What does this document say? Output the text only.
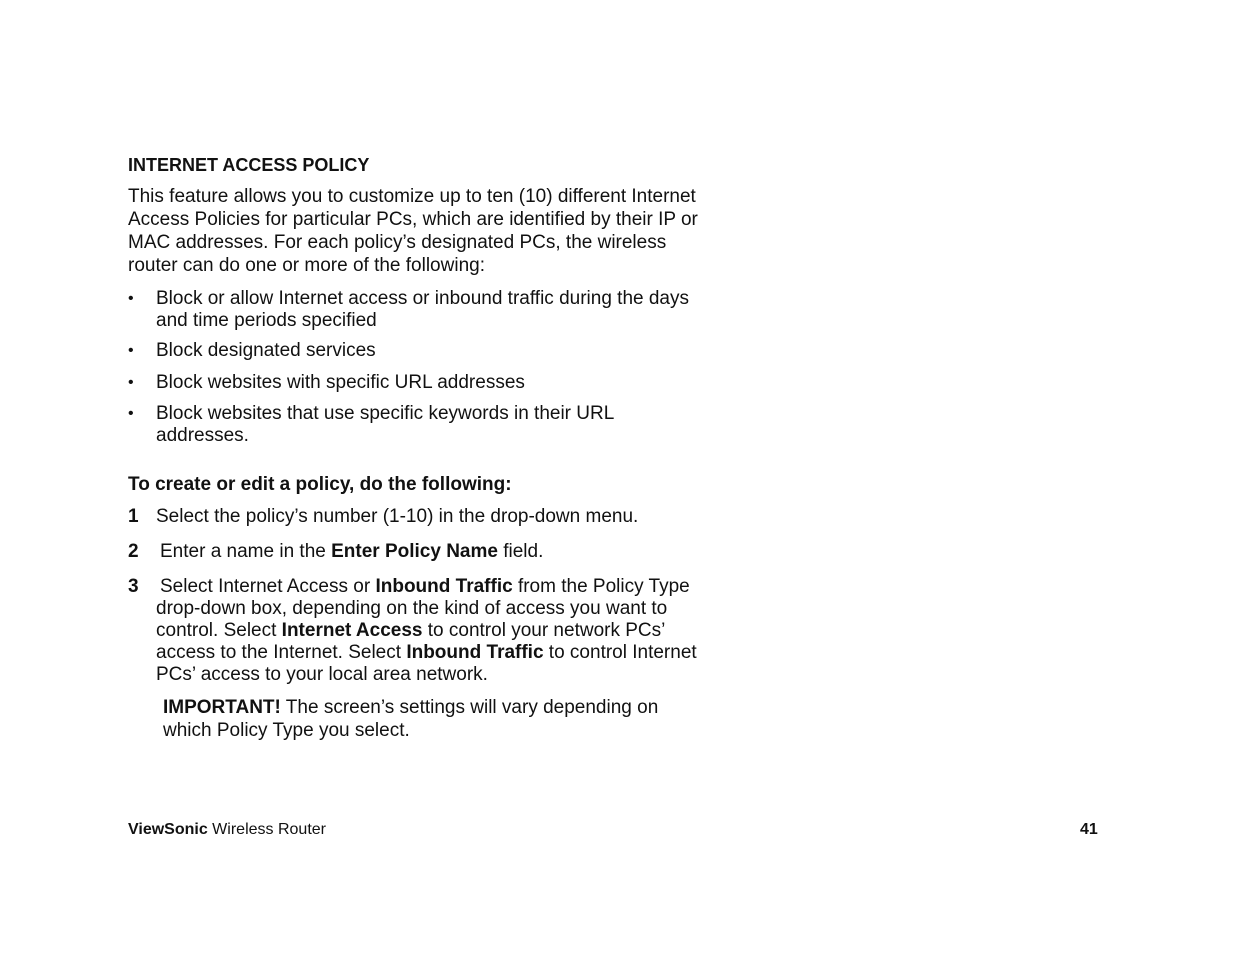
INTERNET ACCESS POLICY
This feature allows you to customize up to ten (10) different Internet Access Policies for particular PCs, which are identified by their IP or MAC addresses. For each policy’s designated PCs, the wireless router can do one or more of the following:
• Block or allow Internet access or inbound traffic during the days and time periods specified
• Block designated services
• Block websites with specific URL addresses
• Block websites that use specific keywords in their URL addresses.
To create or edit a policy, do the following:
1 Select the policy’s number (1-10) in the drop-down menu.
2 Enter a name in the Enter Policy Name field.
3 Select Internet Access or Inbound Traffic from the Policy Type drop-down box, depending on the kind of access you want to control. Select Internet Access to control your network PCs’ access to the Internet. Select Inbound Traffic to control Internet PCs’ access to your local area network.
IMPORTANT! The screen’s settings will vary depending on which Policy Type you select.
ViewSonic Wireless Router	41
